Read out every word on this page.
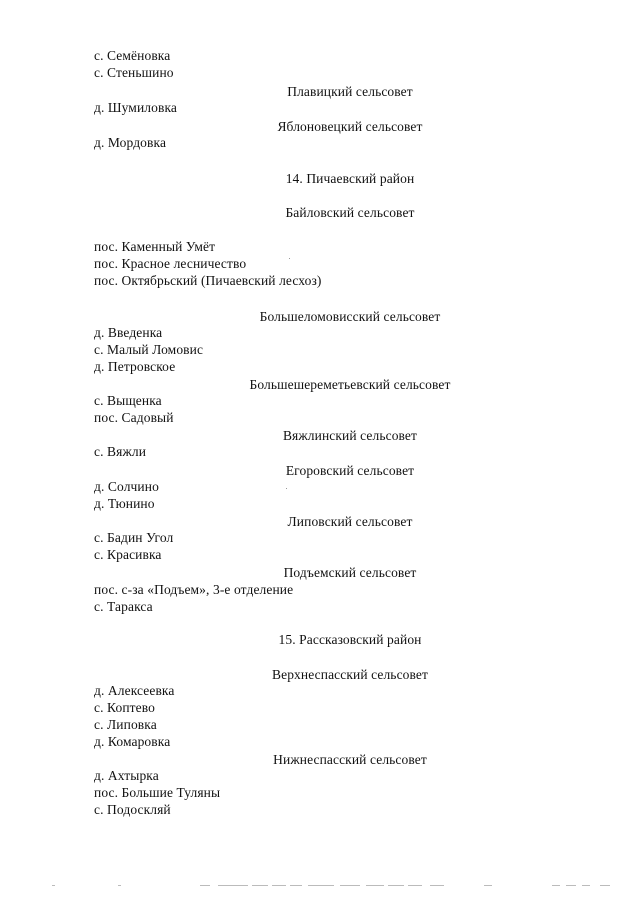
с. Семёновка
с. Стеньшино
Плавицкий сельсовет
д. Шумиловка
Яблоновецкий сельсовет
д. Мордовка
14. Пичаевский район
Байловский сельсовет
пос. Каменный Умёт
пос. Красное лесничество
пос. Октябрьский (Пичаевский лесхоз)
Большеломовисский сельсовет
д. Введенка
с. Малый Ломовис
д. Петровское
Большешереметьевский сельсовет
с. Выщенка
пос. Садовый
Вяжлинский сельсовет
с. Вяжли
Егоровский сельсовет
д. Солчино
д. Тюнино
Липовский сельсовет
с. Бадин Угол
с. Красивка
Подъемский сельсовет
пос. с-за «Подъем», 3-е отделение
с. Таракса
15. Рассказовский район
Верхнеспасский сельсовет
д. Алексеевка
с. Коптево
с. Липовка
д. Комаровка
Нижнеспасский сельсовет
д. Ахтырка
пос. Большие Туляны
с. Подоскляй
